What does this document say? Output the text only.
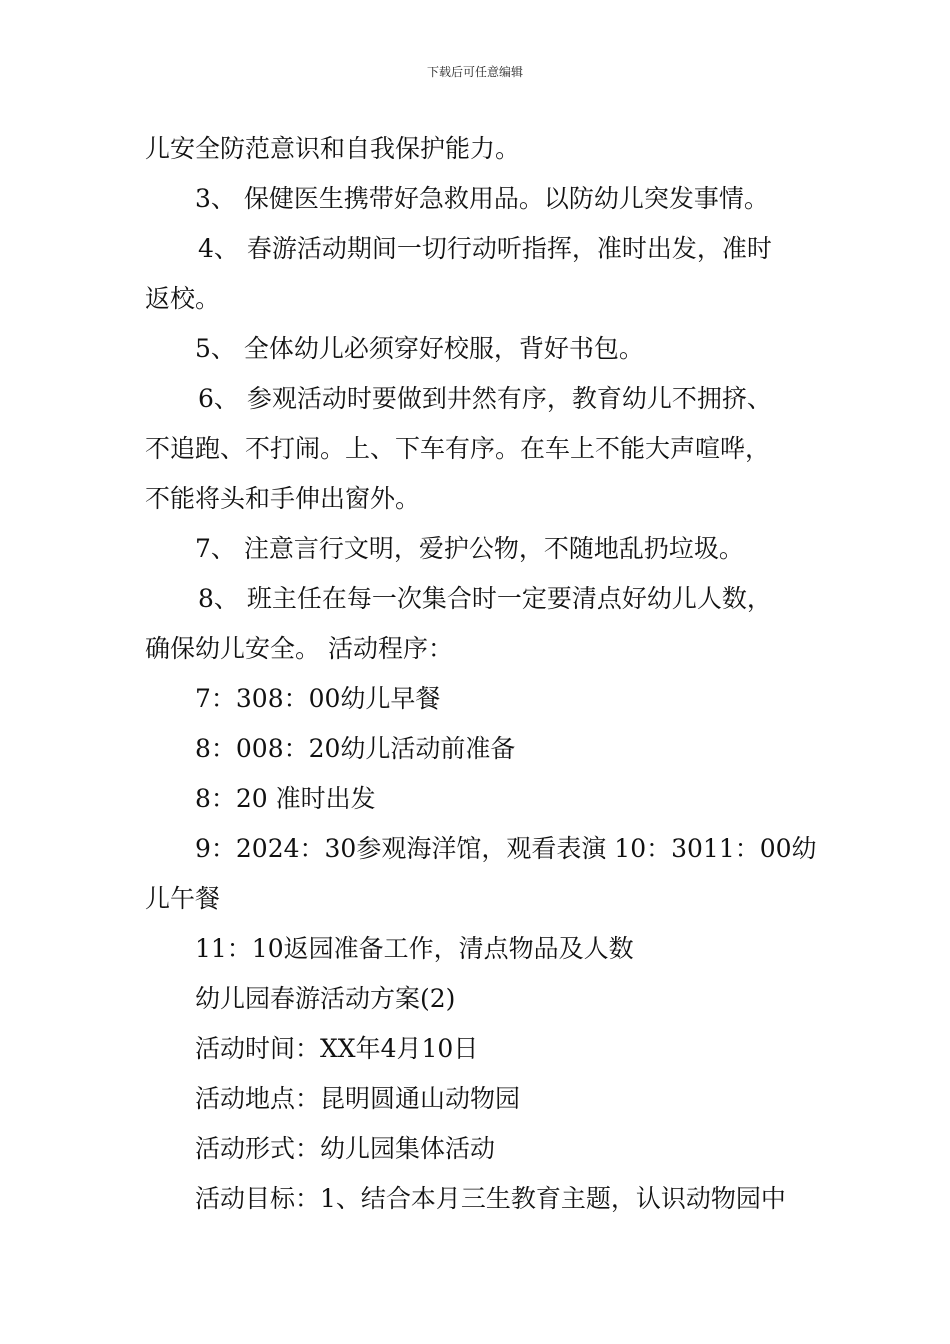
下载后可任意编辑
儿安全防范意识和自我保护能力。
3、 保健医生携带好急救用品。以防幼儿突发事情。
4、 春游活动期间一切行动听指挥，准时出发，准时
返校。
5、 全体幼儿必须穿好校服，背好书包。
6、 参观活动时要做到井然有序，教育幼儿不拥挤、
不追跑、不打闹。上、下车有序。在车上不能大声喧哗，
不能将头和手伸出窗外。
7、 注意言行文明，爱护公物，不随地乱扔垃圾。
8、 班主任在每一次集合时一定要清点好幼儿人数，
确保幼儿安全。 活动程序：
7：308：00幼儿早餐
8：008：20幼儿活动前准备
8：20 准时出发
9：2024：30参观海洋馆，观看表演 10：3011：00幼
儿午餐
11：10返园准备工作，清点物品及人数
幼儿园春游活动方案(2)
活动时间：XX年4月10日
活动地点：昆明圆通山动物园
活动形式：幼儿园集体活动
活动目标：1、结合本月三生教育主题，认识动物园中
